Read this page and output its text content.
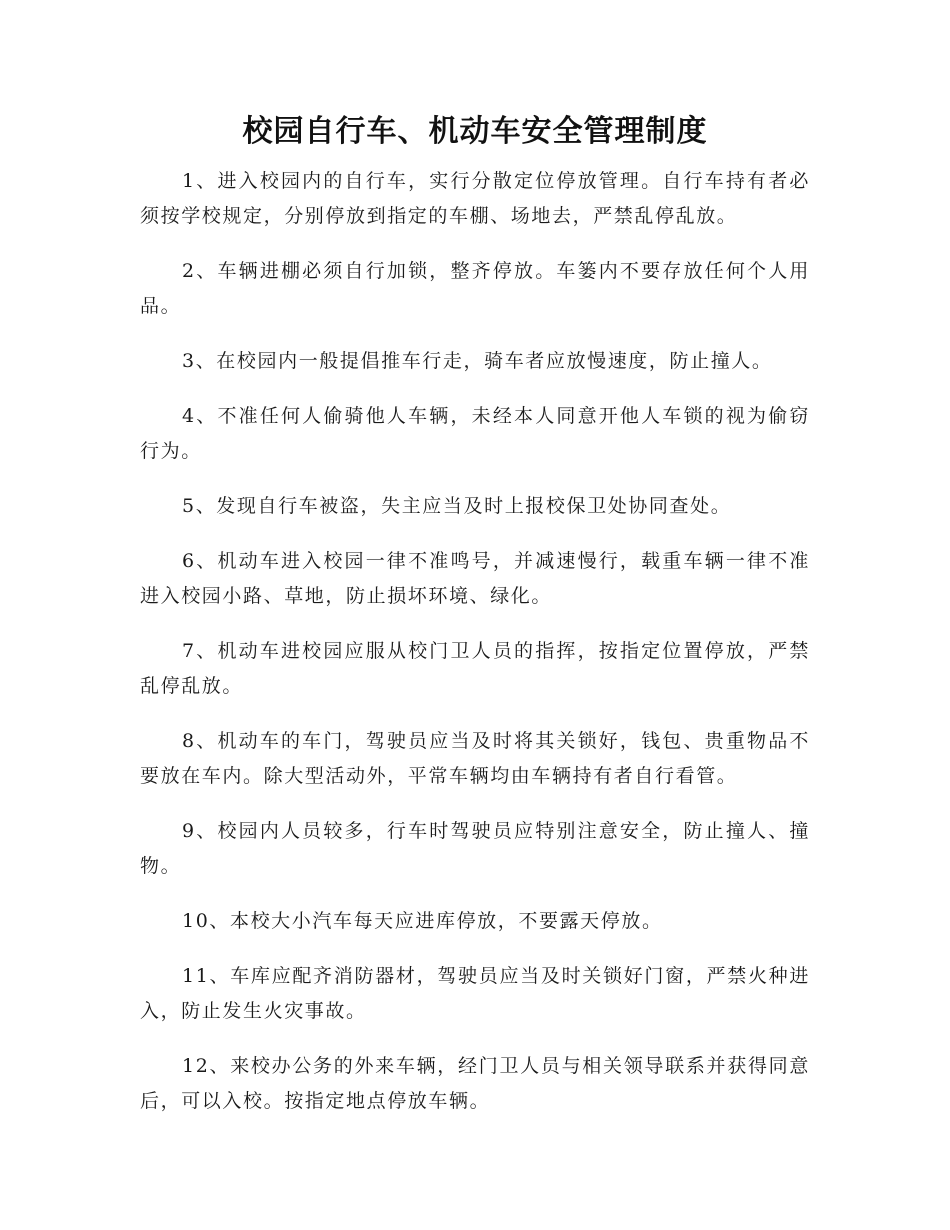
校园自行车、机动车安全管理制度
1、进入校园内的自行车，实行分散定位停放管理。自行车持有者必须按学校规定，分别停放到指定的车棚、场地去，严禁乱停乱放。
2、车辆进棚必须自行加锁，整齐停放。车篓内不要存放任何个人用品。
3、在校园内一般提倡推车行走，骑车者应放慢速度，防止撞人。
4、不准任何人偷骑他人车辆，未经本人同意开他人车锁的视为偷窃行为。
5、发现自行车被盗，失主应当及时上报校保卫处协同查处。
6、机动车进入校园一律不准鸣号，并减速慢行，载重车辆一律不准进入校园小路、草地，防止损坏环境、绿化。
7、机动车进校园应服从校门卫人员的指挥，按指定位置停放，严禁乱停乱放。
8、机动车的车门，驾驶员应当及时将其关锁好，钱包、贵重物品不要放在车内。除大型活动外，平常车辆均由车辆持有者自行看管。
9、校园内人员较多，行车时驾驶员应特别注意安全，防止撞人、撞物。
10、本校大小汽车每天应进库停放，不要露天停放。
11、车库应配齐消防器材，驾驶员应当及时关锁好门窗，严禁火种进入，防止发生火灾事故。
12、来校办公务的外来车辆，经门卫人员与相关领导联系并获得同意后，可以入校。按指定地点停放车辆。
